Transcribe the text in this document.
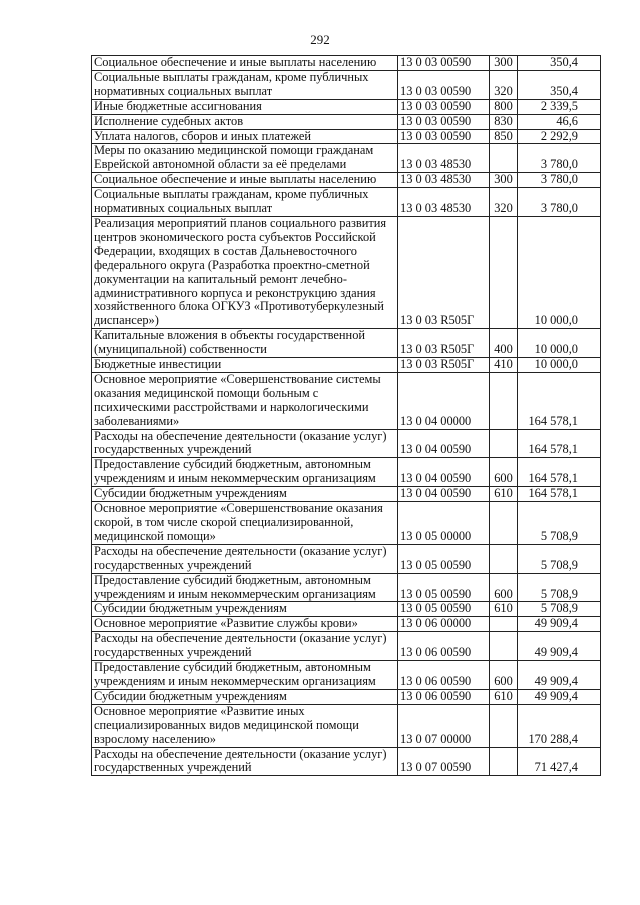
292
Социальное обеспечение и иные выплаты населению	13 0 03 00590	300	350,4
Социальные выплаты гражданам, кроме публичных нормативных социальных выплат	13 0 03 00590	320	350,4
Иные бюджетные ассигнования	13 0 03 00590	800	2 339,5
Исполнение судебных актов	13 0 03 00590	830	46,6
Уплата налогов, сборов и иных платежей	13 0 03 00590	850	2 292,9
Меры по оказанию медицинской помощи гражданам Еврейской автономной области за её пределами	13 0 03 48530		3 780,0
Социальное обеспечение и иные выплаты населению	13 0 03 48530	300	3 780,0
Социальные выплаты гражданам, кроме публичных нормативных социальных выплат	13 0 03 48530	320	3 780,0
Реализация мероприятий планов социального развития центров экономического роста субъектов Российской Федерации, входящих в состав Дальневосточного федерального округа (Разработка проектно-сметной документации на капитальный ремонт лечебно-административного корпуса и реконструкцию здания хозяйственного блока ОГКУЗ «Противотуберкулезный диспансер»)	13 0 03 R505Г		10 000,0
Капитальные вложения в объекты государственной (муниципальной) собственности	13 0 03 R505Г	400	10 000,0
Бюджетные инвестиции	13 0 03 R505Г	410	10 000,0
Основное мероприятие «Совершенствование системы оказания медицинской помощи больным с психическими расстройствами и наркологическими заболеваниями»	13 0 04 00000		164 578,1
Расходы на обеспечение деятельности (оказание услуг) государственных учреждений	13 0 04 00590		164 578,1
Предоставление субсидий бюджетным, автономным учреждениям и иным некоммерческим организациям	13 0 04 00590	600	164 578,1
Субсидии бюджетным учреждениям	13 0 04 00590	610	164 578,1
Основное мероприятие «Совершенствование оказания скорой, в том числе скорой специализированной, медицинской помощи»	13 0 05 00000		5 708,9
Расходы на обеспечение деятельности (оказание услуг) государственных учреждений	13 0 05 00590		5 708,9
Предоставление субсидий бюджетным, автономным учреждениям и иным некоммерческим организациям	13 0 05 00590	600	5 708,9
Субсидии бюджетным учреждениям	13 0 05 00590	610	5 708,9
Основное мероприятие «Развитие службы крови»	13 0 06 00000		49 909,4
Расходы на обеспечение деятельности (оказание услуг) государственных учреждений	13 0 06 00590		49 909,4
Предоставление субсидий бюджетным, автономным учреждениям и иным некоммерческим организациям	13 0 06 00590	600	49 909,4
Субсидии бюджетным учреждениям	13 0 06 00590	610	49 909,4
Основное мероприятие «Развитие иных специализированных видов медицинской помощи взрослому населению»	13 0 07 00000		170 288,4
Расходы на обеспечение деятельности (оказание услуг) государственных учреждений	13 0 07 00590		71 427,4
